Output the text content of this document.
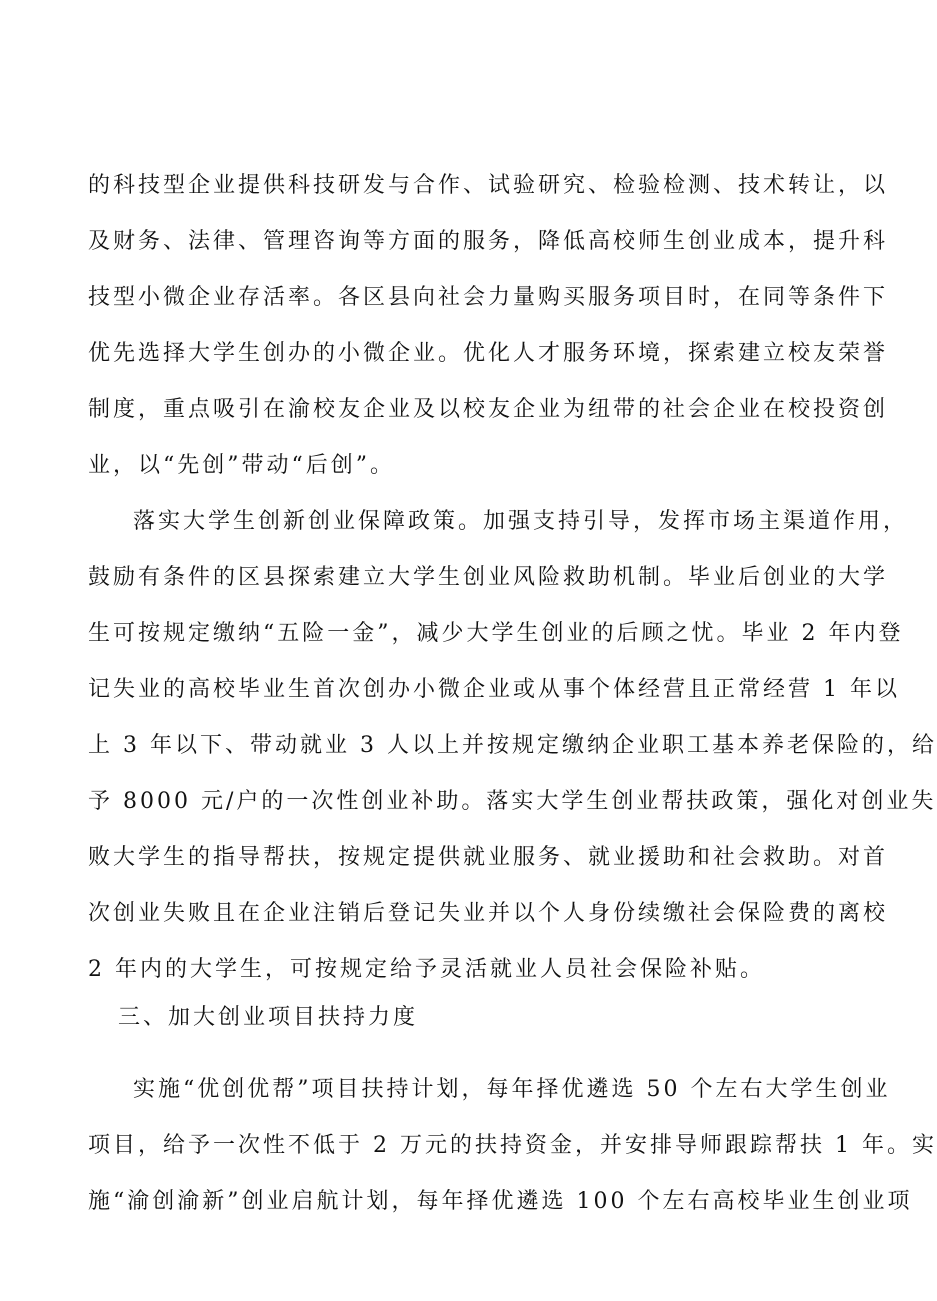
的科技型企业提供科技研发与合作、试验研究、检验检测、技术转让，以
及财务、法律、管理咨询等方面的服务，降低高校师生创业成本，提升科
技型小微企业存活率。各区县向社会力量购买服务项目时，在同等条件下
优先选择大学生创办的小微企业。优化人才服务环境，探索建立校友荣誉
制度，重点吸引在渝校友企业及以校友企业为纽带的社会企业在校投资创
业，以“先创”带动“后创”。
落实大学生创新创业保障政策。加强支持引导，发挥市场主渠道作用，
鼓励有条件的区县探索建立大学生创业风险救助机制。毕业后创业的大学
生可按规定缴纳“五险一金”，减少大学生创业的后顾之忧。毕业 2 年内登
记失业的高校毕业生首次创办小微企业或从事个体经营且正常经营 1 年以
上 3 年以下、带动就业 3 人以上并按规定缴纳企业职工基本养老保险的，给
予 8000 元/户的一次性创业补助。落实大学生创业帮扶政策，强化对创业失
败大学生的指导帮扶，按规定提供就业服务、就业援助和社会救助。对首
次创业失败且在企业注销后登记失业并以个人身份续缴社会保险费的离校
2 年内的大学生，可按规定给予灵活就业人员社会保险补贴。
三、加大创业项目扶持力度
实施“优创优帮”项目扶持计划，每年择优遴选 50 个左右大学生创业
项目，给予一次性不低于 2 万元的扶持资金，并安排导师跟踪帮扶 1 年。实
施“渝创渝新”创业启航计划，每年择优遴选 100 个左右高校毕业生创业项
